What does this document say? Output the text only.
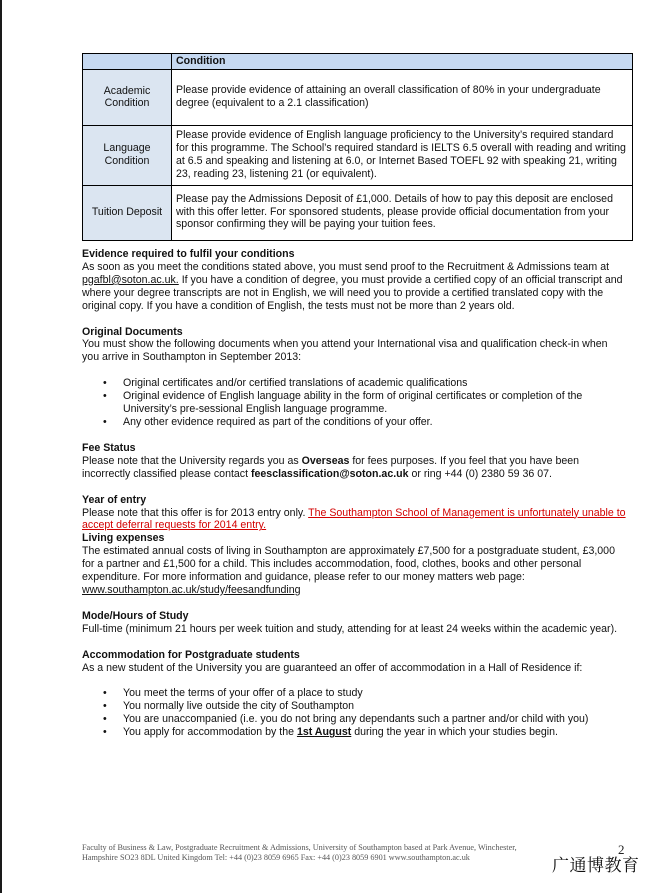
	Condition
Academic Condition	Please provide evidence of attaining an overall classification of 80% in your undergraduate degree (equivalent to a 2.1 classification)
Language Condition	Please provide evidence of English language proficiency to the University’s required standard for this programme. The School’s required standard is IELTS 6.5 overall with reading and writing at 6.5 and speaking and listening at 6.0, or Internet Based TOEFL 92 with speaking 21, writing 23, reading 23, listening 21 (or equivalent).
Tuition Deposit	Please pay the Admissions Deposit of £1,000. Details of how to pay this deposit are enclosed with this offer letter. For sponsored students, please provide official documentation from your sponsor confirming they will be paying your tuition fees.
Evidence required to fulfil your conditions

As soon as you meet the conditions stated above, you must send proof to the Recruitment & Admissions team at pgafbl@soton.ac.uk. If you have a condition of degree, you must provide a certified copy of an official transcript and where your degree transcripts are not in English, we will need you to provide a certified translated copy with the original copy. If you have a condition of English, the tests must not be more than 2 years old.

Original Documents

You must show the following documents when you attend your International visa and qualification check-in when you arrive in Southampton in September 2013:

• Original certificates and/or certified translations of academic qualifications
• Original evidence of English language ability in the form of original certificates or completion of the University’s pre-sessional English language programme.
• Any other evidence required as part of the conditions of your offer.
Fee Status

Please note that the University regards you as Overseas for fees purposes. If you feel that you have been incorrectly classified please contact feesclassification@soton.ac.uk or ring +44 (0) 2380 59 36 07.

Year of entry

Please note that this offer is for 2013 entry only. The Southampton School of Management is unfortunately unable to accept deferral requests for 2014 entry.

Living expenses

The estimated annual costs of living in Southampton are approximately £7,500 for a postgraduate student, £3,000 for a partner and £1,500 for a child. This includes accommodation, food, clothes, books and other personal expenditure. For more information and guidance, please refer to our money matters web page: www.southampton.ac.uk/study/feesandfunding

Mode/Hours of Study

Full-time (minimum 21 hours per week tuition and study, attending for at least 24 weeks within the academic year).

Accommodation for Postgraduate students

As a new student of the University you are guaranteed an offer of accommodation in a Hall of Residence if:

• You meet the terms of your offer of a place to study
• You normally live outside the city of Southampton
• You are unaccompanied (i.e. you do not bring any dependants such a partner and/or child with you)
• You apply for accommodation by the 1st August during the year in which your studies begin.
Faculty of Business & Law, Postgraduate Recruitment & Admissions, University of Southampton based at Park Avenue, Winchester,
Hampshire SO23 8DL United Kingdom Tel: +44 (0)23 8059 6965 Fax: +44 (0)23 8059 6901 www.southampton.ac.uk
2
广通博教育
